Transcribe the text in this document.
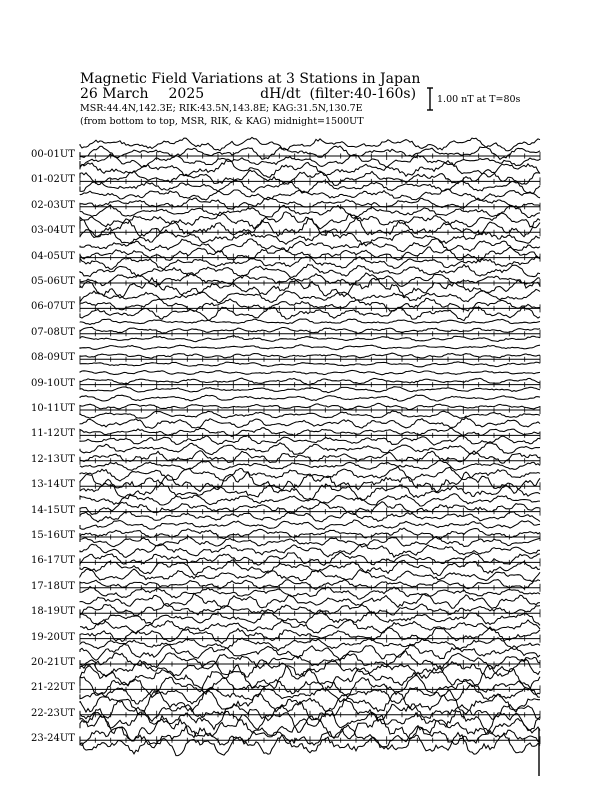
Magnetic Field Variations at 3 Stations in Japan
26 March 2025	dH/dt (filter:40-160s)
MSR:44.4N,142.3E; RIK:43.5N,143.8E; KAG:31.5N,130.7E
(from bottom to top, MSR, RIK, & KAG) midnight=1500UT
1.00 nT at T=80s
00-01UT
01-02UT
02-03UT
03-04UT
04-05UT
05-06UT
06-07UT
07-08UT
08-09UT
09-10UT
10-11UT
11-12UT
12-13UT
13-14UT
14-15UT
15-16UT
16-17UT
17-18UT
18-19UT
19-20UT
20-21UT
21-22UT
22-23UT
23-24UT
